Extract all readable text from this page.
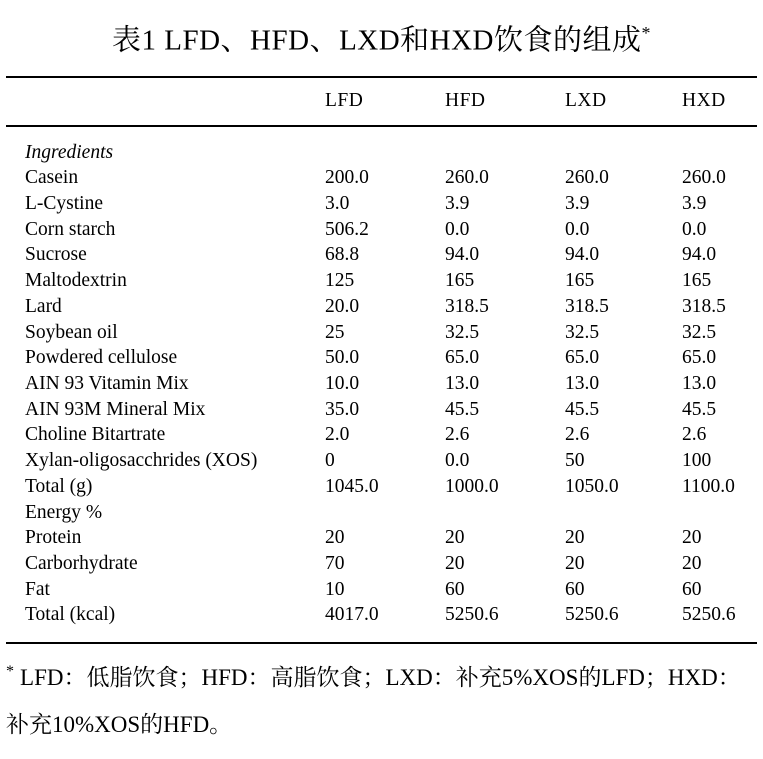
表1 LFD、HFD、LXD和HXD饮食的组成*
	LFD	HFD	LXD	HXD
Ingredients				
Casein	200.0	260.0	260.0	260.0
L-Cystine	3.0	3.9	3.9	3.9
Corn starch	506.2	0.0	0.0	0.0
Sucrose	68.8	94.0	94.0	94.0
Maltodextrin	125	165	165	165
Lard	20.0	318.5	318.5	318.5
Soybean oil	25	32.5	32.5	32.5
Powdered cellulose	50.0	65.0	65.0	65.0
AIN 93 Vitamin Mix	10.0	13.0	13.0	13.0
AIN 93M Mineral Mix	35.0	45.5	45.5	45.5
Choline Bitartrate	2.0	2.6	2.6	2.6
Xylan-oligosacchrides (XOS)	0	0.0	50	100
Total (g)	1045.0	1000.0	1050.0	1100.0
Energy %				
Protein	20	20	20	20
Carborhydrate	70	20	20	20
Fat	10	60	60	60
Total (kcal)	4017.0	5250.6	5250.6	5250.6

* LFD：低脂饮食；HFD：高脂饮食；LXD：补充5%XOS的LFD；HXD：
补充10%XOS的HFD。
